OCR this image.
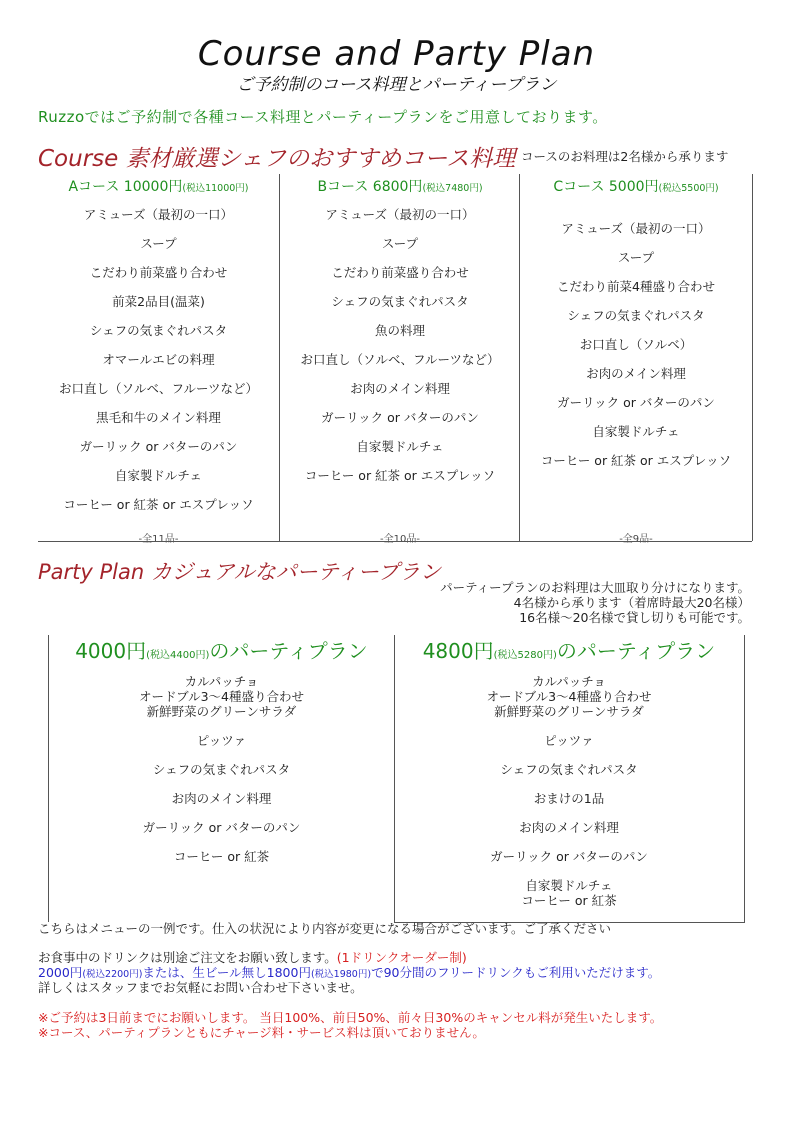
Course and Party Plan
ご予約制のコース料理とパーティープラン
Ruzzoではご予約制で各種コース料理とパーティープランをご用意しております。
Course 素材厳選シェフのおすすめコース料理 コースのお料理は2名様から承ります
Aコース 10000円(税込11000円)
アミューズ（最初の一口）
スープ
こだわり前菜盛り合わせ
前菜2品目(温菜)
シェフの気まぐれパスタ
オマールエビの料理
お口直し（ソルベ、フルーツなど）
黒毛和牛のメイン料理
ガーリック or バターのパン
自家製ドルチェ
コーヒー or 紅茶 or エスプレッソ
-全11品-
Bコース 6800円(税込7480円)
アミューズ（最初の一口）
スープ
こだわり前菜盛り合わせ
シェフの気まぐれパスタ
魚の料理
お口直し（ソルベ、フルーツなど）
お肉のメイン料理
ガーリック or バターのパン
自家製ドルチェ
コーヒー or 紅茶 or エスプレッソ
-全10品-
Cコース 5000円(税込5500円)
アミューズ（最初の一口）
スープ
こだわり前菜4種盛り合わせ
シェフの気まぐれパスタ
お口直し（ソルベ）
お肉のメイン料理
ガーリック or バターのパン
自家製ドルチェ
コーヒー or 紅茶 or エスプレッソ
-全9品-
Party Plan カジュアルなパーティープラン
パーティープランのお料理は大皿取り分けになります。
4名様から承ります（着席時最大20名様）
16名様～20名様で貸し切りも可能です。
4000円(税込4400円)のパーティプラン
カルパッチョ
オードブル3～4種盛り合わせ
新鮮野菜のグリーンサラダ
ピッツァ
シェフの気まぐれパスタ
お肉のメイン料理
ガーリック or バターのパン
コーヒー or 紅茶
4800円(税込5280円)のパーティプラン
カルパッチョ
オードブル3～4種盛り合わせ
新鮮野菜のグリーンサラダ
ピッツァ
シェフの気まぐれパスタ
おまけの1品
お肉のメイン料理
ガーリック or バターのパン
自家製ドルチェ
コーヒー or 紅茶
こちらはメニューの一例です。仕入の状況により内容が変更になる場合がございます。ご了承ください
お食事中のドリンクは別途ご注文をお願い致します。(1ドリンクオーダー制)
2000円(税込2200円)または、生ビール無し1800円(税込1980円)で90分間のフリードリンクもご利用いただけます。
詳しくはスタッフまでお気軽にお問い合わせ下さいませ。
※ご予約は3日前までにお願いします。 当日100%、前日50%、前々日30%のキャンセル料が発生いたします。
※コース、パーティプランともにチャージ料・サービス料は頂いておりません。
